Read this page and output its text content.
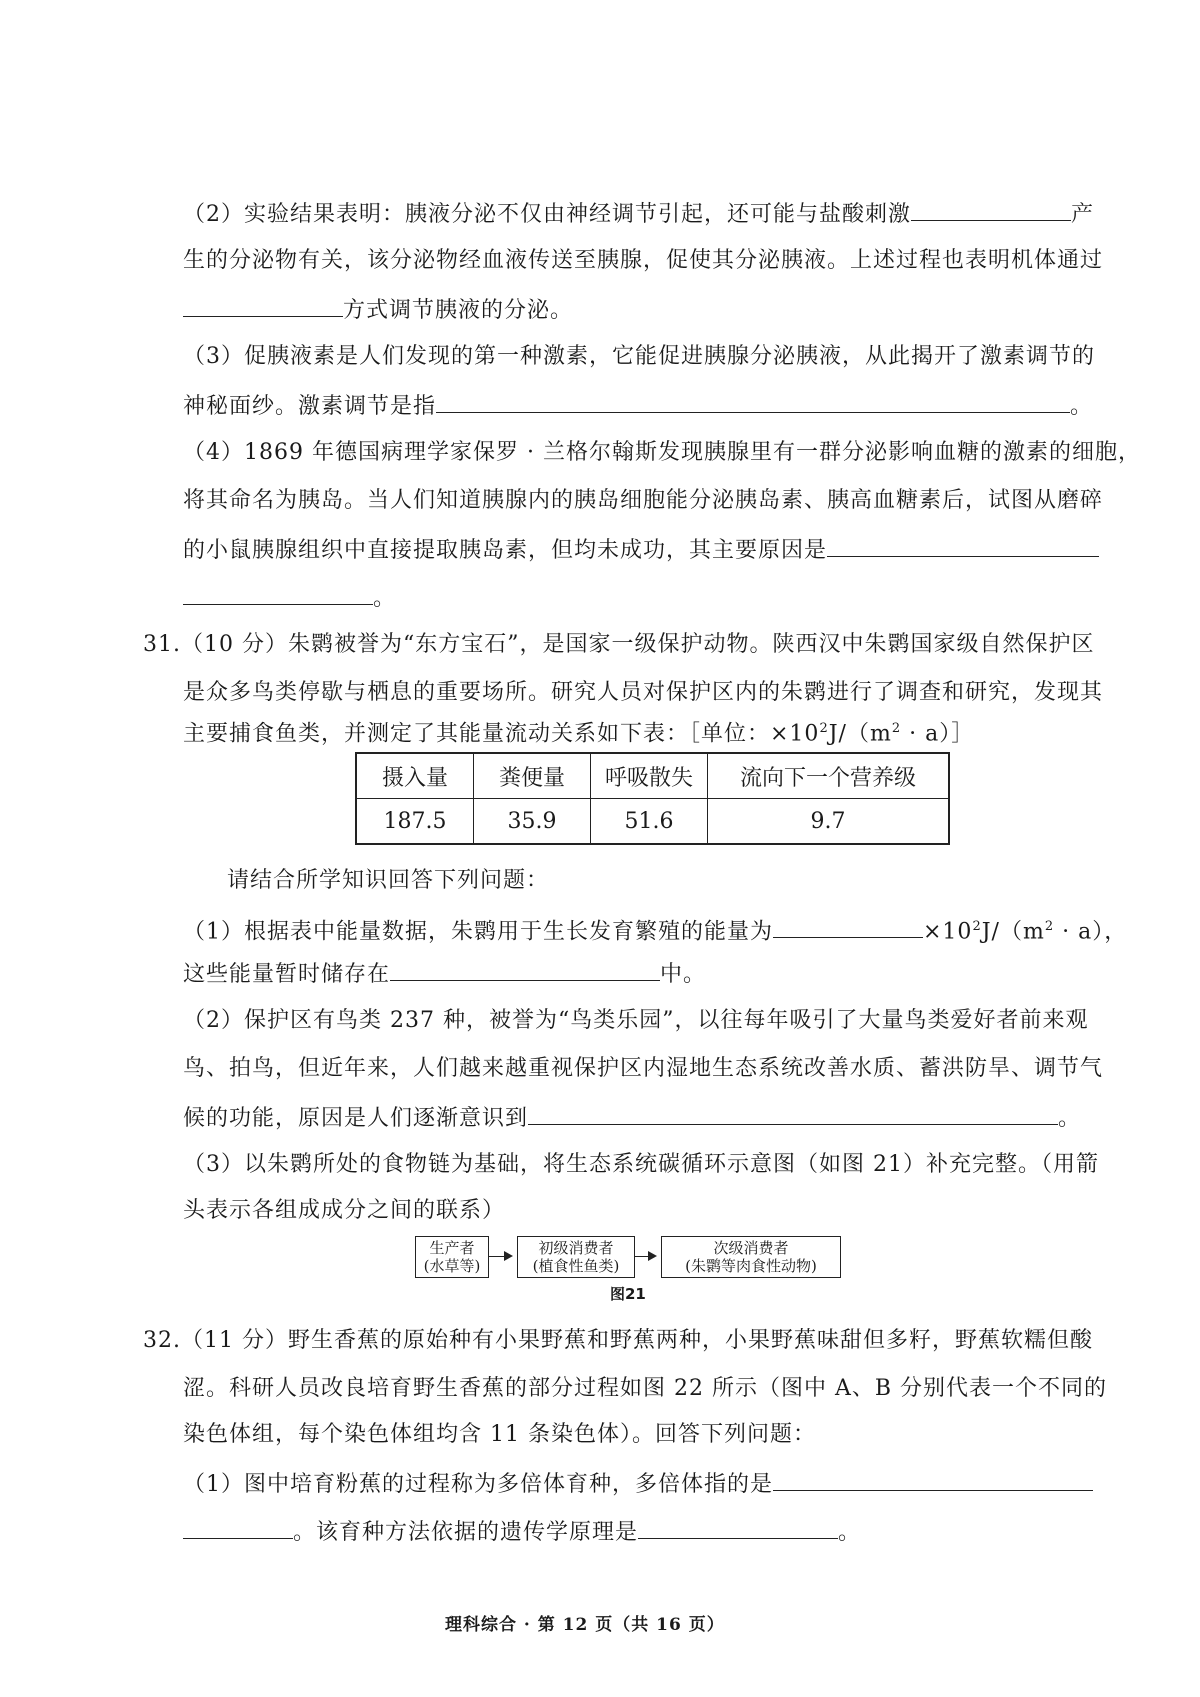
（2）实验结果表明：胰液分泌不仅由神经调节引起，还可能与盐酸刺激	产
生的分泌物有关，该分泌物经血液传送至胰腺，促使其分泌胰液。上述过程也表明机体通过
方式调节胰液的分泌。
（3）促胰液素是人们发现的第一种激素，它能促进胰腺分泌胰液，从此揭开了激素调节的
神秘面纱。激素调节是指	。
（4）1869 年德国病理学家保罗 · 兰格尔翰斯发现胰腺里有一群分泌影响血糖的激素的细胞，
将其命名为胰岛。当人们知道胰腺内的胰岛细胞能分泌胰岛素、胰高血糖素后，试图从磨碎
的小鼠胰腺组织中直接提取胰岛素，但均未成功，其主要原因是
。
31.（10 分）朱鹮被誉为“东方宝石”，是国家一级保护动物。陕西汉中朱鹮国家级自然保护区
是众多鸟类停歇与栖息的重要场所。研究人员对保护区内的朱鹮进行了调查和研究，发现其
主要捕食鱼类，并测定了其能量流动关系如下表：［单位：$\times 10^2J/(m^2$ · a）］
摄入量	粪便量	呼吸散失	流向下一个营养级
187.5	35.9	51.6	9.7
请结合所学知识回答下列问题：
（1）根据表中能量数据，朱鹮用于生长发育繁殖的能量为	$\times 10^2J/(m^2 \cdot a)$，
这些能量暂时储存在	中。
（2）保护区有鸟类 237 种，被誉为“鸟类乐园”，以往每年吸引了大量鸟类爱好者前来观
鸟、拍鸟，但近年来，人们越来越重视保护区内湿地生态系统改善水质、蓄洪防旱、调节气
候的功能，原因是人们逐渐意识到	。
（3）以朱鹮所处的食物链为基础，将生态系统碳循环示意图（如图 21）补充完整。（用箭
头表示各组成成分之间的联系）
生产者
(水草等)
初级消费者
(植食性鱼类)
次级消费者
(朱鹮等肉食性动物)
图21
32.（11 分）野生香蕉的原始种有小果野蕉和野蕉两种，小果野蕉味甜但多籽，野蕉软糯但酸
涩。科研人员改良培育野生香蕉的部分过程如图 22 所示（图中 A、B 分别代表一个不同的
染色体组，每个染色体组均含 11 条染色体）。回答下列问题：
（1）图中培育粉蕉的过程称为多倍体育种，多倍体指的是
。该育种方法依据的遗传学原理是	。
理科综合 · 第 12 页（共 16 页）
